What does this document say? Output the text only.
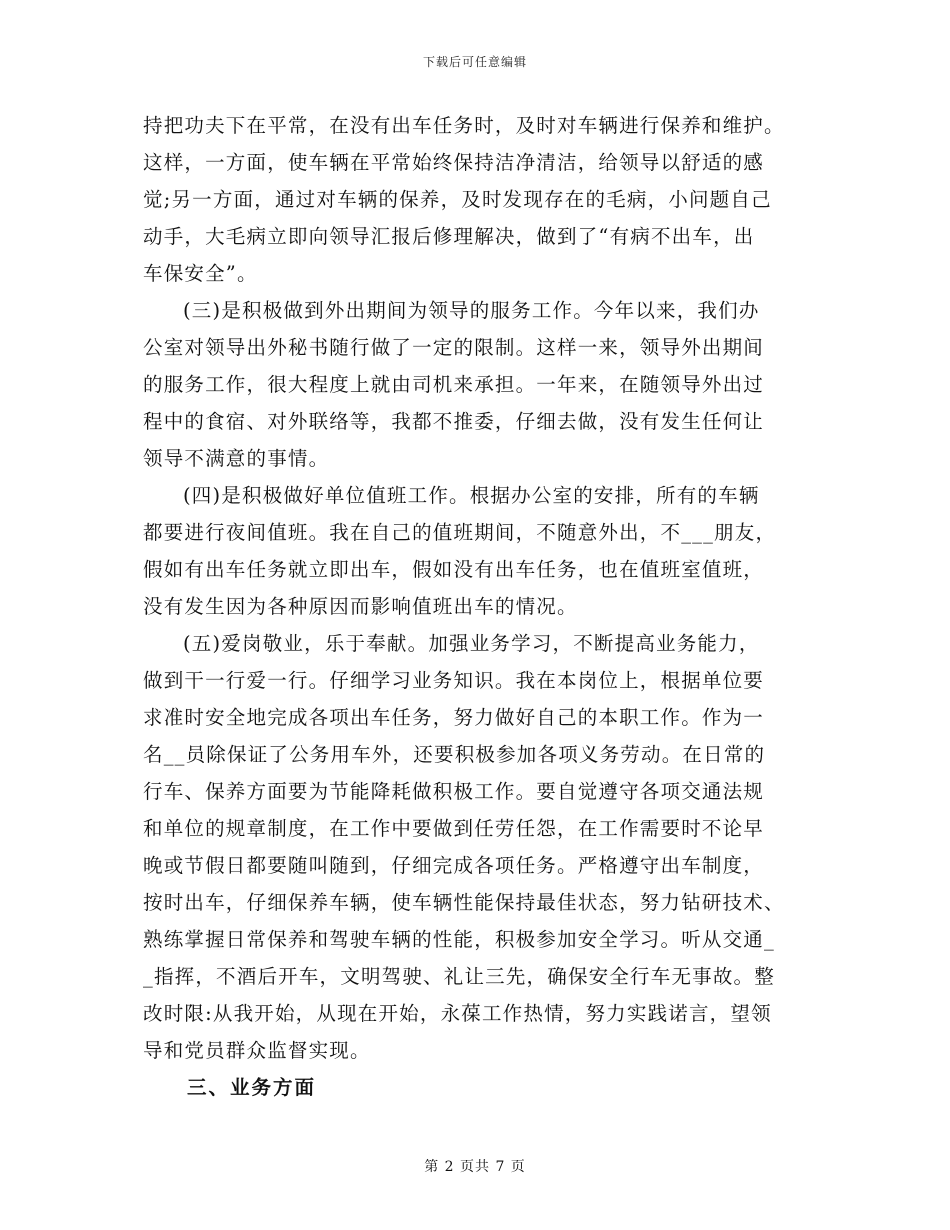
下载后可任意编辑
持把功夫下在平常，在没有出车任务时，及时对车辆进行保养和维护。
这样，一方面，使车辆在平常始终保持洁净清洁，给领导以舒适的感
觉;另一方面，通过对车辆的保养，及时发现存在的毛病，小问题自己
动手，大毛病立即向领导汇报后修理解决，做到了“有病不出车，出
车保安全”。
(三)是积极做到外出期间为领导的服务工作。今年以来，我们办
公室对领导出外秘书随行做了一定的限制。这样一来，领导外出期间
的服务工作，很大程度上就由司机来承担。一年来，在随领导外出过
程中的食宿、对外联络等，我都不推委，仔细去做，没有发生任何让
领导不满意的事情。
(四)是积极做好单位值班工作。根据办公室的安排，所有的车辆
都要进行夜间值班。我在自己的值班期间，不随意外出，不___朋友，
假如有出车任务就立即出车，假如没有出车任务，也在值班室值班，
没有发生因为各种原因而影响值班出车的情况。
(五)爱岗敬业，乐于奉献。加强业务学习，不断提高业务能力，
做到干一行爱一行。仔细学习业务知识。我在本岗位上，根据单位要
求准时安全地完成各项出车任务，努力做好自己的本职工作。作为一
名__员除保证了公务用车外，还要积极参加各项义务劳动。在日常的
行车、保养方面要为节能降耗做积极工作。要自觉遵守各项交通法规
和单位的规章制度，在工作中要做到任劳任怨，在工作需要时不论早
晚或节假日都要随叫随到，仔细完成各项任务。严格遵守出车制度，
按时出车，仔细保养车辆，使车辆性能保持最佳状态，努力钻研技术、
熟练掌握日常保养和驾驶车辆的性能，积极参加安全学习。听从交通_
_指挥，不酒后开车，文明驾驶、礼让三先，确保安全行车无事故。整
改时限:从我开始，从现在开始，永葆工作热情，努力实践诺言，望领
导和党员群众监督实现。
三、业务方面
第 2 页共 7 页
